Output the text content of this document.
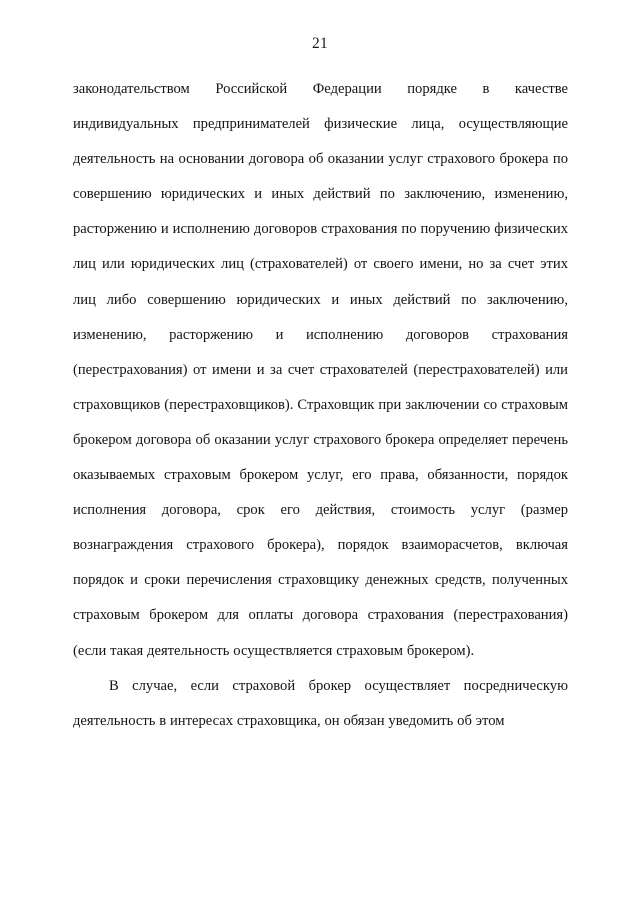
21

законодательством Российской Федерации порядке в качестве индивидуальных предпринимателей физические лица, осуществляющие деятельность на основании договора об оказании услуг страхового брокера по совершению юридических и иных действий по заключению, изменению, расторжению и исполнению договоров страхования по поручению физических лиц или юридических лиц (страхователей) от своего имени, но за счет этих лиц либо совершению юридических и иных действий по заключению, изменению, расторжению и исполнению договоров страхования (перестрахования) от имени и за счет страхователей (перестрахователей) или страховщиков (перестраховщиков). Страховщик при заключении со страховым брокером договора об оказании услуг страхового брокера определяет перечень оказываемых страховым брокером услуг, его права, обязанности, порядок исполнения договора, срок его действия, стоимость услуг (размер вознаграждения страхового брокера), порядок взаиморасчетов, включая порядок и сроки перечисления страховщику денежных средств, полученных страховым брокером для оплаты договора страхования (перестрахования) (если такая деятельность осуществляется страховым брокером).

В случае, если страховой брокер осуществляет посредническую деятельность в интересах страховщика, он обязан уведомить об этом
